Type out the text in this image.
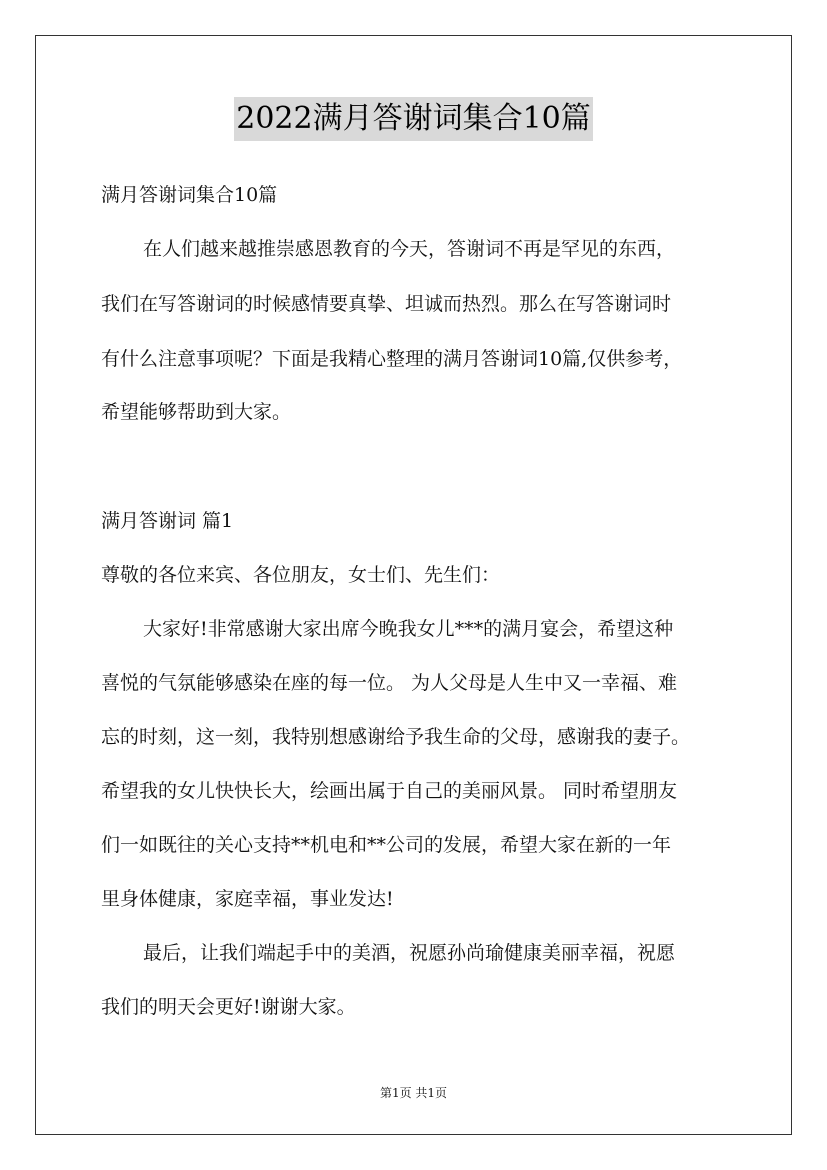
2022满月答谢词集合10篇
满月答谢词集合10篇
在人们越来越推崇感恩教育的今天，答谢词不再是罕见的东西，
我们在写答谢词的时候感情要真挚、坦诚而热烈。那么在写答谢词时
有什么注意事项呢？下面是我精心整理的满月答谢词10篇,仅供参考，
希望能够帮助到大家。
满月答谢词 篇1
尊敬的各位来宾、各位朋友，女士们、先生们：
大家好!非常感谢大家出席今晚我女儿***的满月宴会，希望这种
喜悦的气氛能够感染在座的每一位。 为人父母是人生中又一幸福、难
忘的时刻，这一刻，我特别想感谢给予我生命的父母，感谢我的妻子。
希望我的女儿快快长大，绘画出属于自己的美丽风景。 同时希望朋友
们一如既往的关心支持**机电和**公司的发展，希望大家在新的一年
里身体健康，家庭幸福，事业发达!
最后，让我们端起手中的美酒，祝愿孙尚瑜健康美丽幸福，祝愿
我们的明天会更好!谢谢大家。
第1页 共1页
